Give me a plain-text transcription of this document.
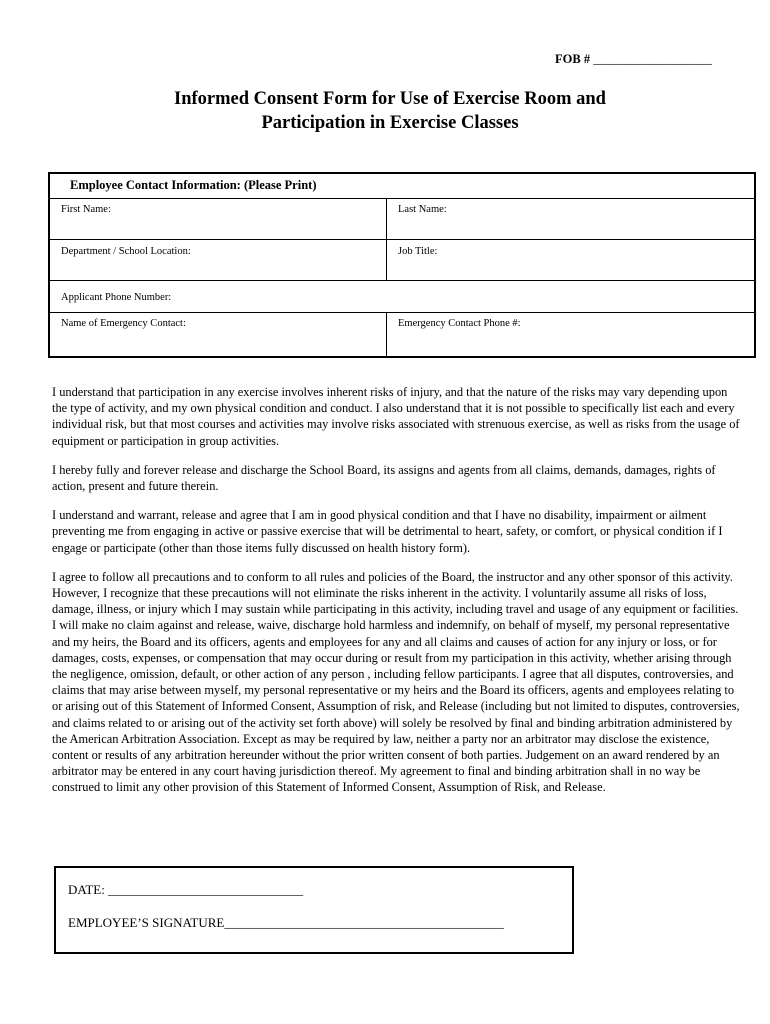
FOB # ___________________
Informed Consent Form for Use of Exercise Room and
Participation in Exercise Classes
Employee Contact Information: (Please Print)
First Name:	Last Name:
Department / School Location:	Job Title:
Applicant Phone Number:
Name of Emergency Contact:	Emergency Contact Phone #:

I understand that participation in any exercise involves inherent risks of injury, and that the nature of the risks may vary depending upon the type of activity, and my own physical condition and conduct. I also understand that it is not possible to specifically list each and every individual risk, but that most courses and activities may involve risks associated with strenuous exercise, as well as risks from the usage of equipment or participation in group activities.

I hereby fully and forever release and discharge the School Board, its assigns and agents from all claims, demands, damages, rights of action, present and future therein.

I understand and warrant, release and agree that I am in good physical condition and that I have no disability, impairment or ailment preventing me from engaging in active or passive exercise that will be detrimental to heart, safety, or comfort, or physical condition if I engage or participate (other than those items fully discussed on health history form).

I agree to follow all precautions and to conform to all rules and policies of the Board, the instructor and any other sponsor of this activity. However, I recognize that these precautions will not eliminate the risks inherent in the activity. I voluntarily assume all risks of loss, damage, illness, or injury which I may sustain while participating in this activity, including travel and usage of any equipment or facilities. I will make no claim against and release, waive, discharge hold harmless and indemnify, on behalf of myself, my personal representative and my heirs, the Board and its officers, agents and employees for any and all claims and causes of action for any injury or loss, or for damages, costs, expenses, or compensation that may occur during or result from my participation in this activity, whether arising through the negligence, omission, default, or other action of any person , including fellow participants. I agree that all disputes, controversies, and claims that may arise between myself, my personal representative or my heirs and the Board its officers, agents and employees relating to or arising out of this Statement of Informed Consent, Assumption of risk, and Release (including but not limited to disputes, controversies, and claims related to or arising out of the activity set forth above) will solely be resolved by final and binding arbitration administered by the American Arbitration Association. Except as may be required by law, neither a party nor an arbitrator may disclose the existence, content or results of any arbitration hereunder without the prior written consent of both parties. Judgement on an award rendered by an arbitrator may be entered in any court having jurisdiction thereof. My agreement to final and binding arbitration shall in no way be construed to limit any other provision of this Statement of Informed Consent, Assumption of Risk, and Release.

DATE: ______________________________
EMPLOYEE’S SIGNATURE___________________________________________
